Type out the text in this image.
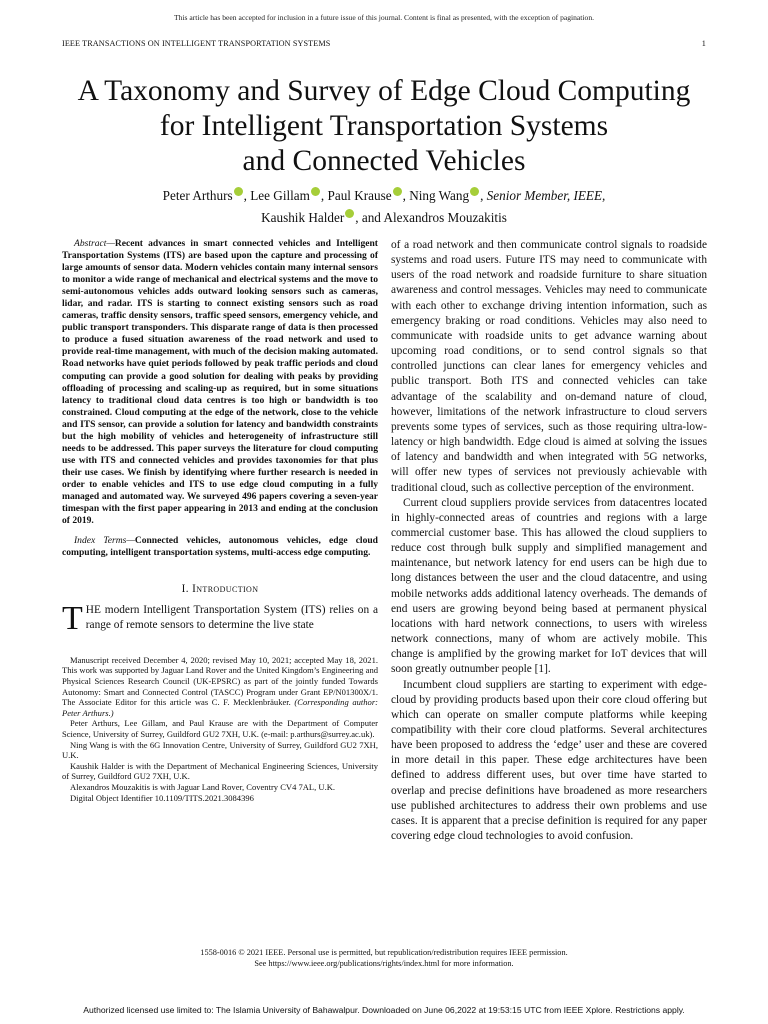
This article has been accepted for inclusion in a future issue of this journal. Content is final as presented, with the exception of pagination.
IEEE TRANSACTIONS ON INTELLIGENT TRANSPORTATION SYSTEMS	1
A Taxonomy and Survey of Edge Cloud Computing
for Intelligent Transportation Systems
and Connected Vehicles
Peter Arthurs , Lee Gillam , Paul Krause , Ning Wang , Senior Member, IEEE,
Kaushik Halder , and Alexandros Mouzakitis

Abstract—Recent advances in smart connected vehicles and Intelligent Transportation Systems (ITS) are based upon the capture and processing of large amounts of sensor data. Modern vehicles contain many internal sensors to monitor a wide range of mechanical and electrical systems and the move to semi-autonomous vehicles adds outward looking sensors such as cameras, lidar, and radar. ITS is starting to connect existing sensors such as road cameras, traffic density sensors, traffic speed sensors, emergency vehicle, and public transport transponders. This disparate range of data is then processed to produce a fused situation awareness of the road network and used to provide real-time management, with much of the decision making automated. Road networks have quiet periods followed by peak traffic periods and cloud computing can provide a good solution for dealing with peaks by providing offloading of processing and scaling-up as required, but in some situations latency to traditional cloud data centres is too high or bandwidth is too constrained. Cloud computing at the edge of the network, close to the vehicle and ITS sensor, can provide a solution for latency and bandwidth constraints but the high mobility of vehicles and heterogeneity of infrastructure still needs to be addressed. This paper surveys the literature for cloud computing use with ITS and connected vehicles and provides taxonomies for that plus their use cases. We finish by identifying where further research is needed in order to enable vehicles and ITS to use edge cloud computing in a fully managed and automated way. We surveyed 496 papers covering a seven-year timespan with the first paper appearing in 2013 and ending at the conclusion of 2019.

Index Terms—Connected vehicles, autonomous vehicles, edge cloud computing, intelligent transportation systems, multi-access edge computing.

I. Introduction

THE modern Intelligent Transportation System (ITS) relies on a range of remote sensors to determine the live state

Manuscript received December 4, 2020; revised May 10, 2021; accepted May 18, 2021. This work was supported by Jaguar Land Rover and the United Kingdom’s Engineering and Physical Sciences Research Council (UK-EPSRC) as part of the jointly funded Towards Autonomy: Smart and Connected Control (TASCC) Program under Grant EP/N01300X/1. The Associate Editor for this article was C. F. Mecklenbräuker. (Corresponding author: Peter Arthurs.)

Peter Arthurs, Lee Gillam, and Paul Krause are with the Department of Computer Science, University of Surrey, Guildford GU2 7XH, U.K. (e-mail: p.arthurs@surrey.ac.uk).

Ning Wang is with the 6G Innovation Centre, University of Surrey, Guildford GU2 7XH, U.K.

Kaushik Halder is with the Department of Mechanical Engineering Sciences, University of Surrey, Guildford GU2 7XH, U.K.

Alexandros Mouzakitis is with Jaguar Land Rover, Coventry CV4 7AL, U.K.

Digital Object Identifier 10.1109/TITS.2021.3084396

of a road network and then communicate control signals to roadside systems and road users. Future ITS may need to communicate with users of the road network and roadside furniture to share situation awareness and control messages. Vehicles may need to communicate with each other to exchange driving intention information, such as emergency braking or road conditions. Vehicles may also need to communicate with roadside units to get advance warning about upcoming road conditions, or to send control signals so that controlled junctions can clear lanes for emergency vehicles and public transport. Both ITS and connected vehicles can take advantage of the scalability and on-demand nature of cloud, however, limitations of the network infrastructure to cloud servers prevents some types of services, such as those requiring ultra-low-latency or high bandwidth. Edge cloud is aimed at solving the issues of latency and bandwidth and when integrated with 5G networks, will offer new types of services not previously achievable with traditional cloud, such as collective perception of the environment.

Current cloud suppliers provide services from datacentres located in highly-connected areas of countries and regions with a large commercial customer base. This has allowed the cloud suppliers to reduce cost through bulk supply and simplified management and maintenance, but network latency for end users can be high due to long distances between the user and the cloud datacentre, and using mobile networks adds additional latency overheads. The demands of end users are growing beyond being based at permanent physical locations with hard network connections, to users with wireless network connections, many of whom are actively mobile. This change is amplified by the growing market for IoT devices that will soon greatly outnumber people [1].

Incumbent cloud suppliers are starting to experiment with edge-cloud by providing products based upon their core cloud offering but which can operate on smaller compute platforms while keeping compatibility with their core cloud platforms. Several architectures have been proposed to address the ‘edge’ user and these are covered in more detail in this paper. These edge architectures have been defined to address different uses, but over time have started to overlap and precise definitions have broadened as more researchers use published architectures to address their own problems and use cases. It is apparent that a precise definition is required for any paper covering edge cloud technologies to avoid confusion.

1558-0016 © 2021 IEEE. Personal use is permitted, but republication/redistribution requires IEEE permission.
See https://www.ieee.org/publications/rights/index.html for more information.
Authorized licensed use limited to: The Islamia University of Bahawalpur. Downloaded on June 06,2022 at 19:53:15 UTC from IEEE Xplore. Restrictions apply.
